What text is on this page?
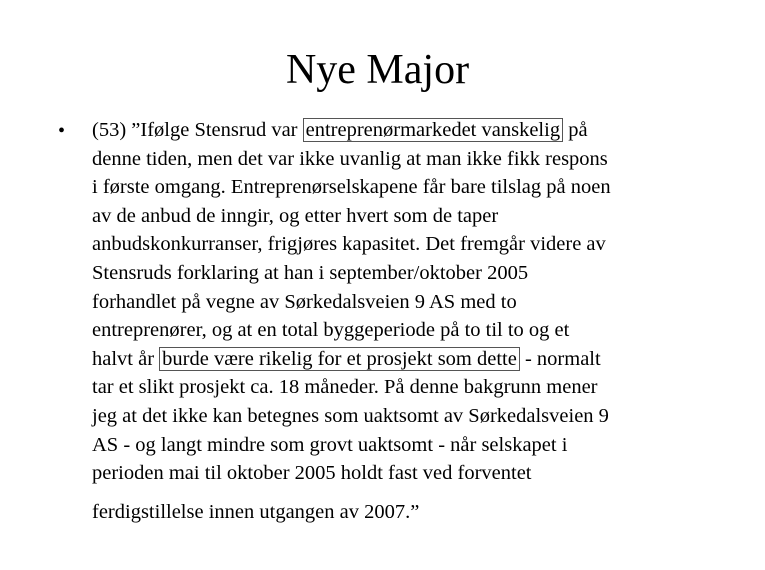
Nye Major
• (53) ”Ifølge Stensrud var entreprenørmarkedet vanskelig på
denne tiden, men det var ikke uvanlig at man ikke fikk respons
i første omgang. Entreprenørselskapene får bare tilslag på noen
av de anbud de inngir, og etter hvert som de taper
anbudskonkurranser, frigjøres kapasitet. Det fremgår videre av
Stensruds forklaring at han i september/oktober 2005
forhandlet på vegne av Sørkedalsveien 9 AS med to
entreprenører, og at en total byggeperiode på to til to og et
halvt år burde være rikelig for et prosjekt som dette - normalt
tar et slikt prosjekt ca. 18 måneder. På denne bakgrunn mener
jeg at det ikke kan betegnes som uaktsomt av Sørkedalsveien 9
AS - og langt mindre som grovt uaktsomt - når selskapet i
perioden mai til oktober 2005 holdt fast ved forventet
ferdigstillelse innen utgangen av 2007.”
